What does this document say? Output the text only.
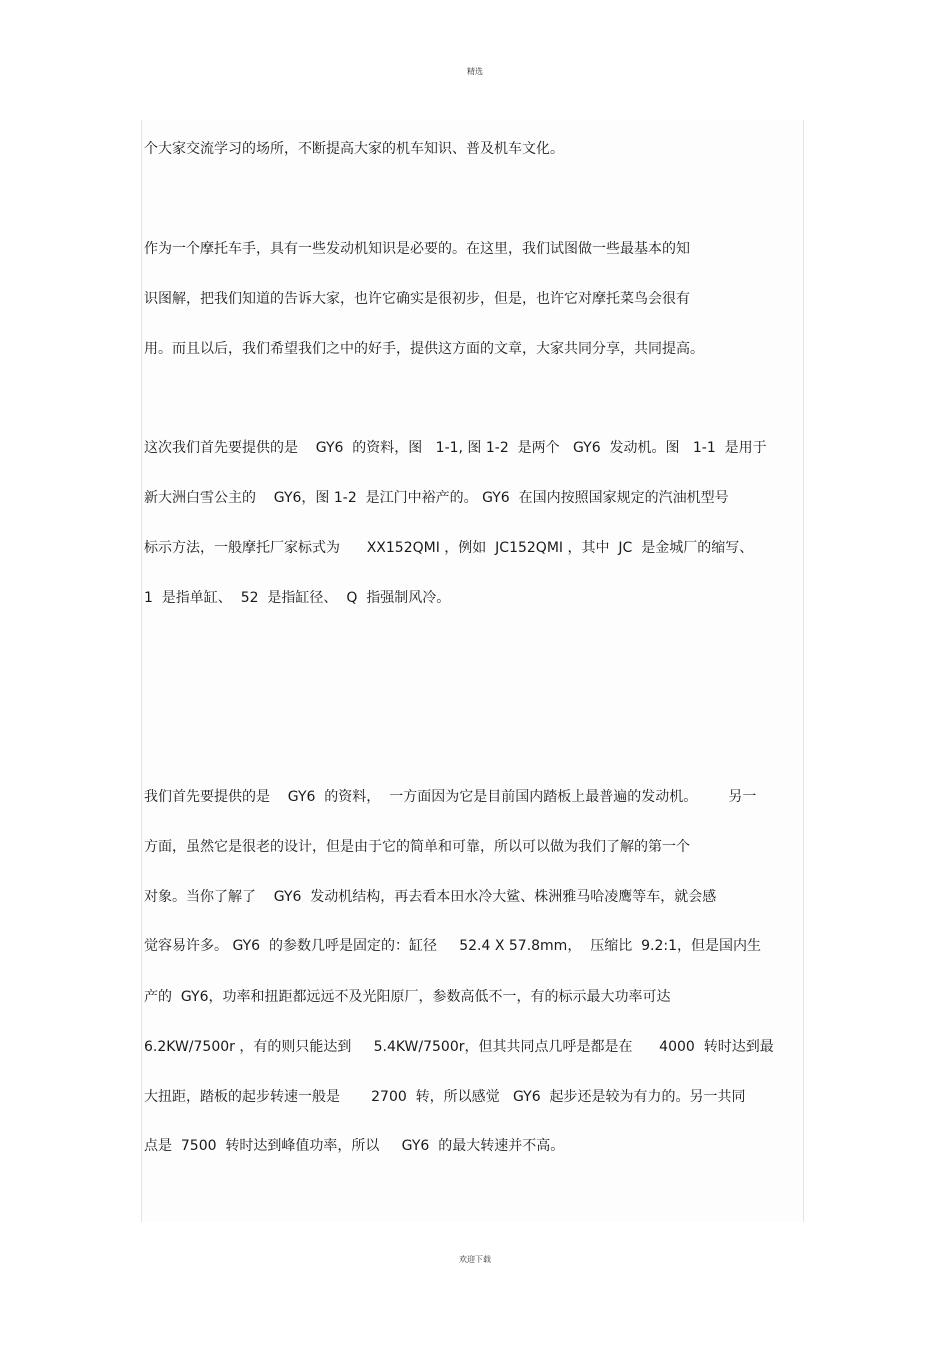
精选
个大家交流学习的场所，不断提高大家的机车知识、普及机车文化。
作为一个摩托车手，具有一些发动机知识是必要的。在这里，我们试图做一些最基本的知
识图解，把我们知道的告诉大家，也许它确实是很初步，但是，也许它对摩托菜鸟会很有
用。而且以后，我们希望我们之中的好手，提供这方面的文章，大家共同分享，共同提高。
这次我们首先要提供的是    GY6  的资料，图   1-1, 图 1-2  是两个   GY6  发动机。图   1-1  是用于
新大洲白雪公主的    GY6，图 1-2  是江门中裕产的。 GY6  在国内按照国家规定的汽油机型号
标示方法，一般摩托厂家标式为      XX152QMI ，例如  JC152QMI ，其中  JC  是金城厂的缩写、
1  是指单缸、  52  是指缸径、  Q  指强制风冷。
我们首先要提供的是    GY6  的资料，  一方面因为它是目前国内踏板上最普遍的发动机。       另一
方面，虽然它是很老的设计，但是由于它的简单和可靠，所以可以做为我们了解的第一个
对象。当你了解了    GY6  发动机结构，再去看本田水冷大鲨、株洲雅马哈凌鹰等车，就会感
觉容易许多。 GY6  的参数几呼是固定的：缸径     52.4 X 57.8mm，  压缩比  9.2:1，但是国内生
产的  GY6，功率和扭距都远远不及光阳原厂，参数高低不一，有的标示最大功率可达
6.2KW/7500r ，有的则只能达到     5.4KW/7500r，但其共同点几呼是都是在      4000  转时达到最
大扭距，踏板的起步转速一般是       2700  转，所以感觉   GY6  起步还是较为有力的。另一共同
点是  7500  转时达到峰值功率，所以     GY6  的最大转速并不高。
欢迎下载
